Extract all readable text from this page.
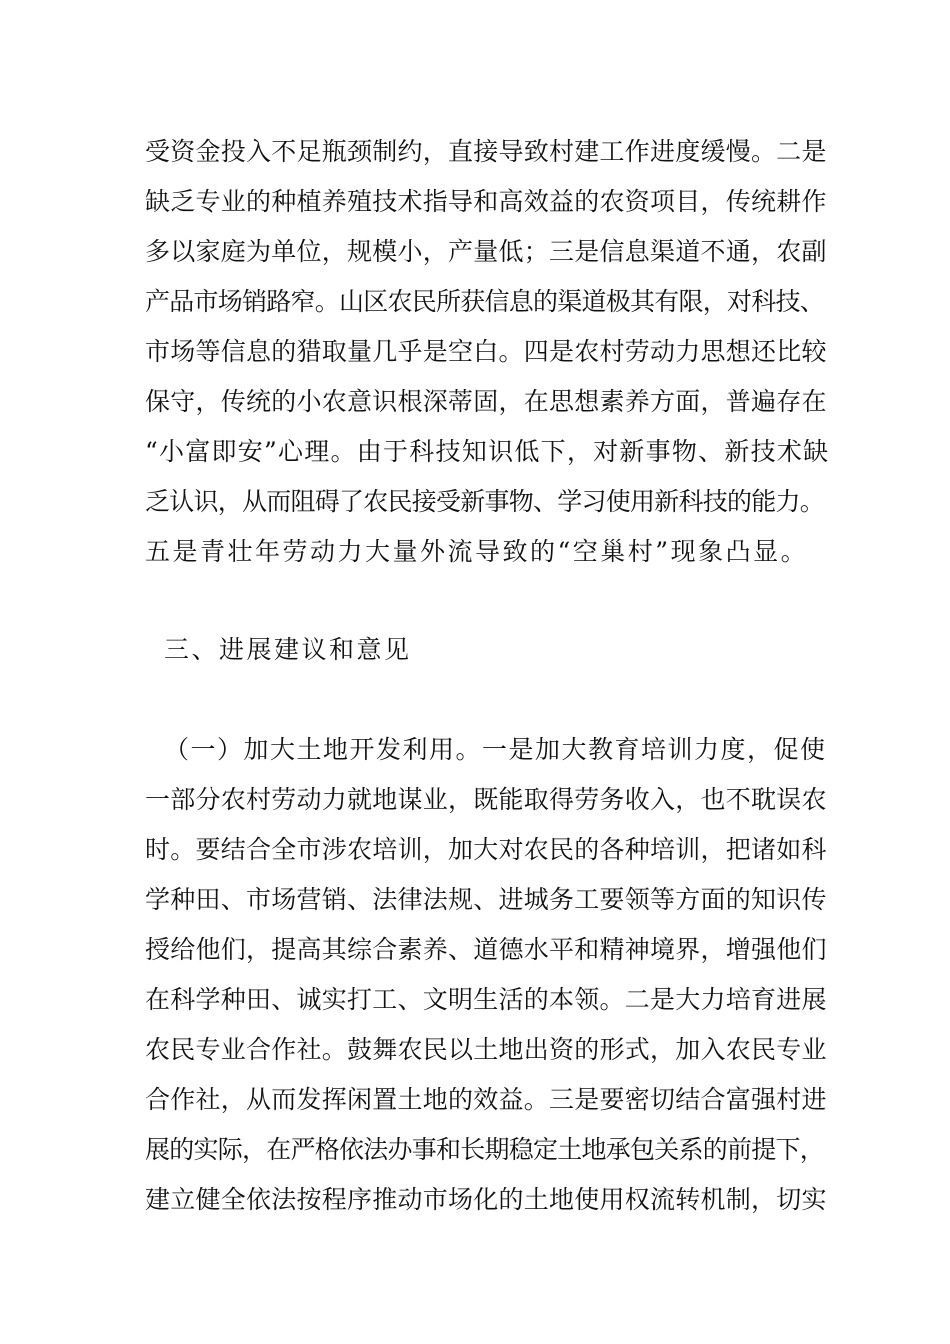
受资金投入不足瓶颈制约，直接导致村建工作进度缓慢。二是
缺乏专业的种植养殖技术指导和高效益的农资项目，传统耕作
多以家庭为单位，规模小，产量低；三是信息渠道不通，农副
产品市场销路窄。山区农民所获信息的渠道极其有限，对科技、
市场等信息的猎取量几乎是空白。四是农村劳动力思想还比较
保守，传统的小农意识根深蒂固，在思想素养方面，普遍存在
“小富即安”心理。由于科技知识低下，对新事物、新技术缺
乏认识，从而阻碍了农民接受新事物、学习使用新科技的能力。
五是青壮年劳动力大量外流导致的“空巢村”现象凸显。
三、进展建议和意见
（一）加大土地开发利用。一是加大教育培训力度，促使
一部分农村劳动力就地谋业，既能取得劳务收入，也不耽误农
时。要结合全市涉农培训，加大对农民的各种培训，把诸如科
学种田、市场营销、法律法规、进城务工要领等方面的知识传
授给他们，提高其综合素养、道德水平和精神境界，增强他们
在科学种田、诚实打工、文明生活的本领。二是大力培育进展
农民专业合作社。鼓舞农民以土地出资的形式，加入农民专业
合作社，从而发挥闲置土地的效益。三是要密切结合富强村进
展的实际，在严格依法办事和长期稳定土地承包关系的前提下，
建立健全依法按程序推动市场化的土地使用权流转机制，切实
